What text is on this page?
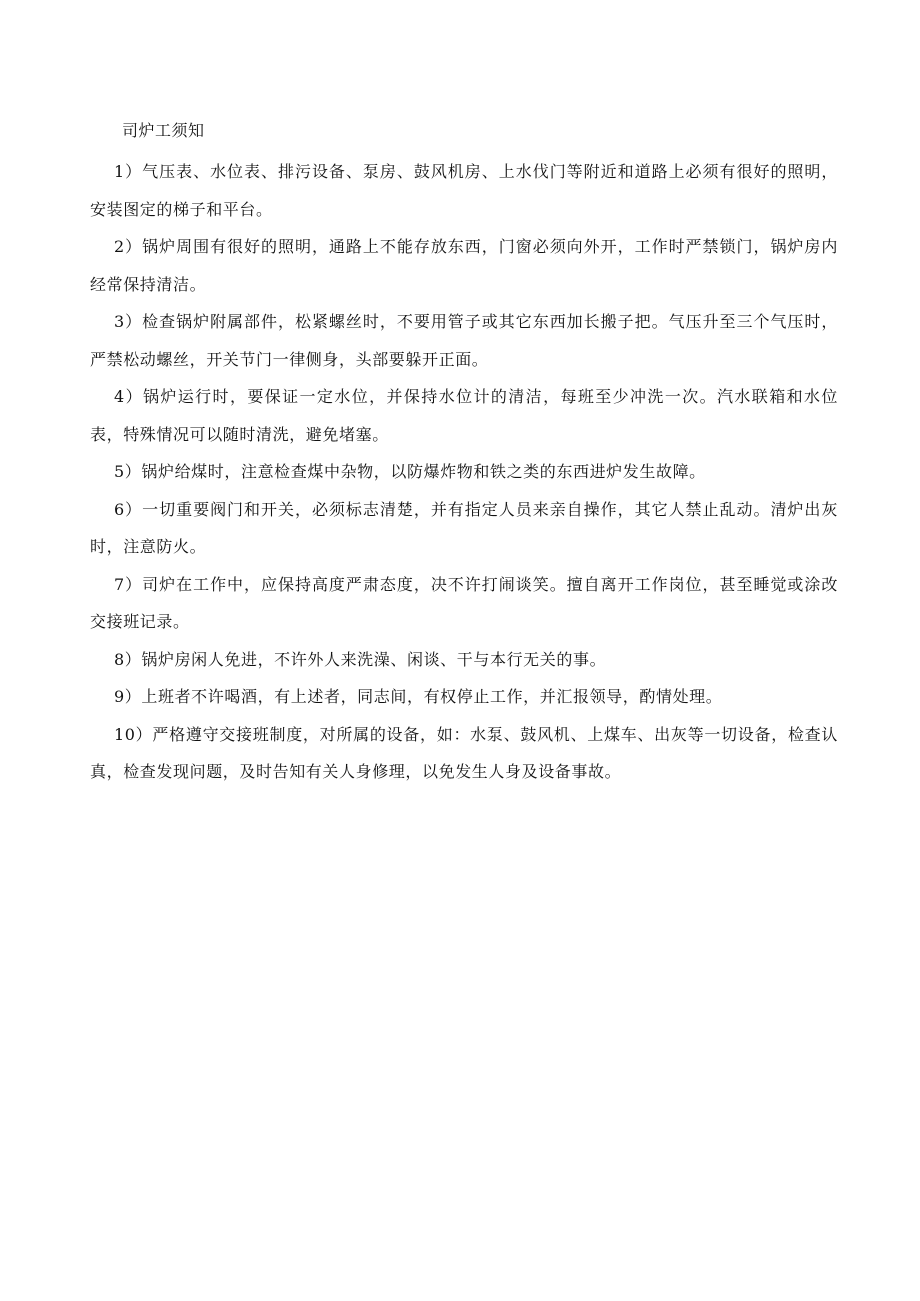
司炉工须知

1）气压表、水位表、排污设备、泵房、鼓风机房、上水伐门等附近和道路上必须有很好的照明，安装图定的梯子和平台。

2）锅炉周围有很好的照明，通路上不能存放东西，门窗必须向外开，工作时严禁锁门，锅炉房内经常保持清洁。

3）检查锅炉附属部件，松紧螺丝时，不要用管子或其它东西加长搬子把。气压升至三个气压时，严禁松动螺丝，开关节门一律侧身，头部要躲开正面。

4）锅炉运行时，要保证一定水位，并保持水位计的清洁，每班至少冲洗一次。汽水联箱和水位表，特殊情况可以随时清洗，避免堵塞。

5）锅炉给煤时，注意检查煤中杂物，以防爆炸物和铁之类的东西进炉发生故障。

6）一切重要阀门和开关，必须标志清楚，并有指定人员来亲自操作，其它人禁止乱动。清炉出灰时，注意防火。

7）司炉在工作中，应保持高度严肃态度，决不许打闹谈笑。擅自离开工作岗位，甚至睡觉或涂改交接班记录。

8）锅炉房闲人免进，不许外人来洗澡、闲谈、干与本行无关的事。

9）上班者不许喝酒，有上述者，同志间，有权停止工作，并汇报领导，酌情处理。

10）严格遵守交接班制度，对所属的设备，如：水泵、鼓风机、上煤车、出灰等一切设备，检查认真，检查发现问题，及时告知有关人身修理，以免发生人身及设备事故。
